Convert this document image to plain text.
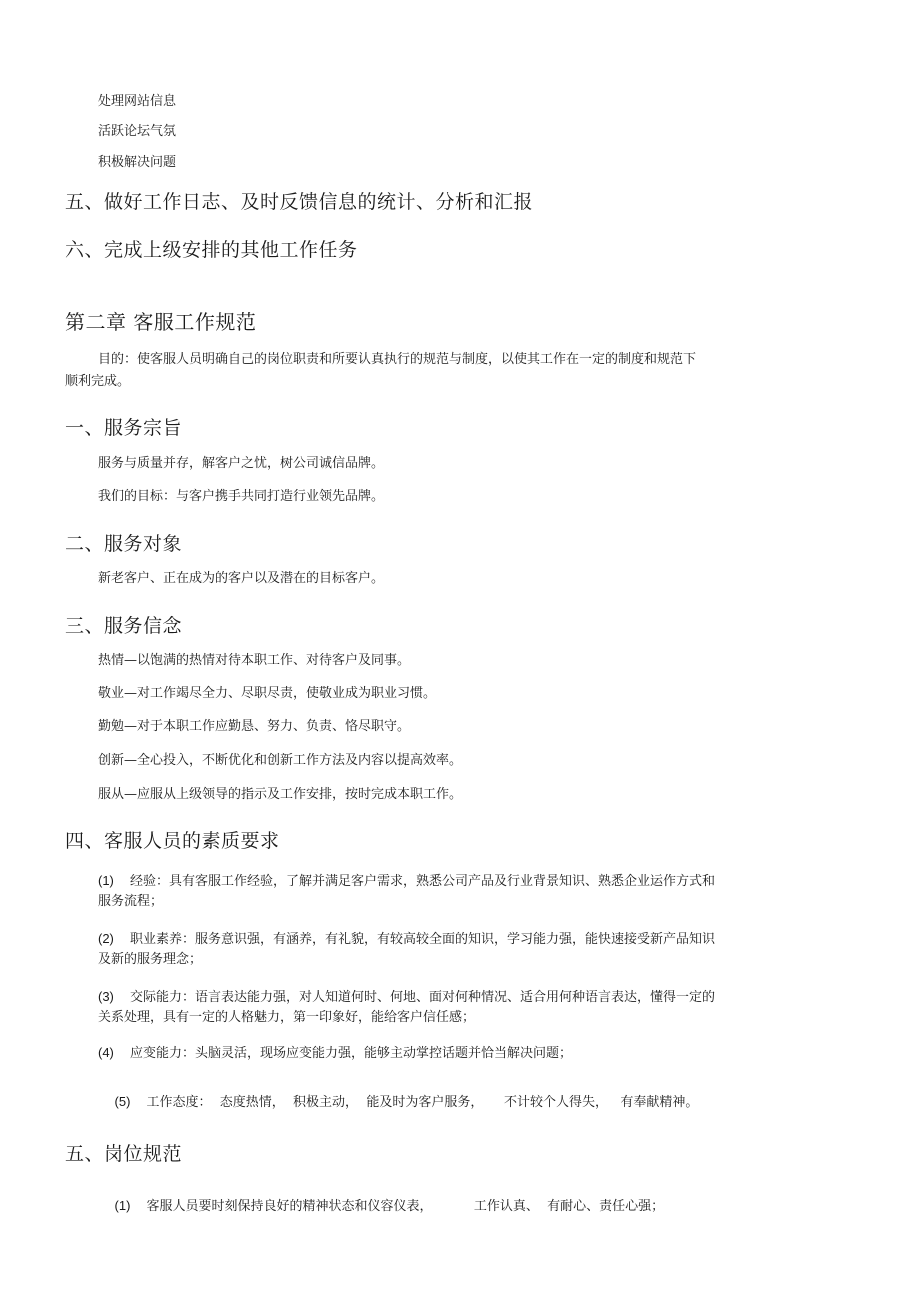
处理网站信息
活跃论坛气氛
积极解决问题
五、做好工作日志、及时反馈信息的统计、分析和汇报
六、完成上级安排的其他工作任务
第二章 客服工作规范
目的：使客服人员明确自己的岗位职责和所要认真执行的规范与制度，以使其工作在一定的制度和规范下
顺利完成。
一、服务宗旨
服务与质量并存，解客户之忧，树公司诚信品牌。
我们的目标：与客户携手共同打造行业领先品牌。
二、服务对象
新老客户、正在成为的客户以及潜在的目标客户。
三、服务信念
热情—以饱满的热情对待本职工作、对待客户及同事。
敬业—对工作竭尽全力、尽职尽责，使敬业成为职业习惯。
勤勉—对于本职工作应勤恳、努力、负责、恪尽职守。
创新—全心投入，不断优化和创新工作方法及内容以提高效率。
服从—应服从上级领导的指示及工作安排，按时完成本职工作。
四、客服人员的素质要求
(1) 经验：具有客服工作经验，了解并满足客户需求，熟悉公司产品及行业背景知识、熟悉企业运作方式和
服务流程；
(2) 职业素养：服务意识强，有涵养，有礼貌，有较高较全面的知识，学习能力强，能快速接受新产品知识
及新的服务理念；
(3) 交际能力：语言表达能力强，对人知道何时、何地、面对何种情况、适合用何种语言表达，懂得一定的
关系处理，具有一定的人格魅力，第一印象好，能给客户信任感；
(4) 应变能力：头脑灵活，现场应变能力强，能够主动掌控话题并恰当解决问题；

(5) 工作态度：  态度热情，  积极主动，  能及时为客户服务，     不计较个人得失，   有奉献精神。

五、岗位规范

(1) 客服人员要时刻保持良好的精神状态和仪容仪表，          工作认真、  有耐心、责任心强；
